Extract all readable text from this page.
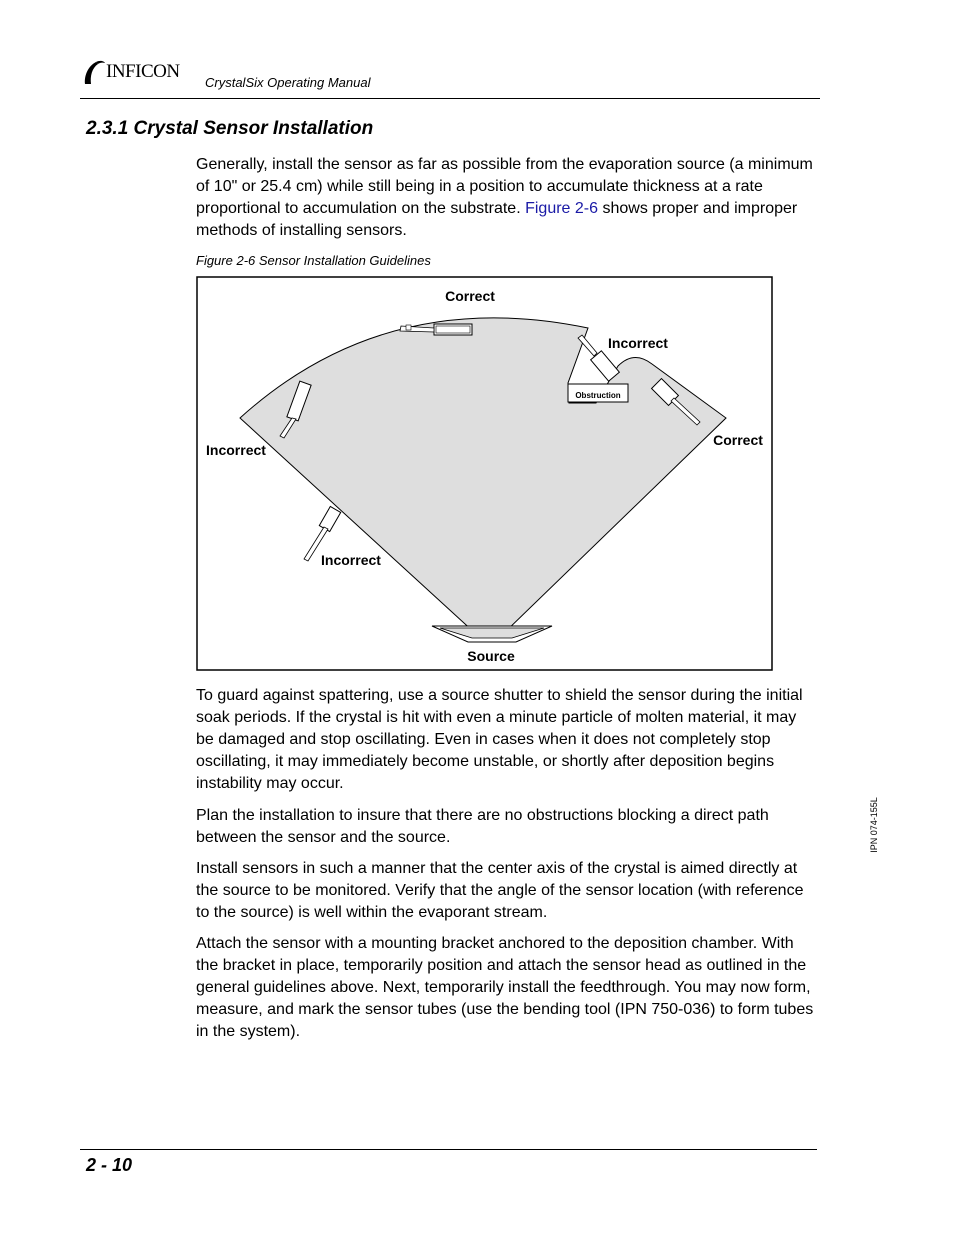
INFICON
CrystalSix Operating Manual
2.3.1 Crystal Sensor Installation
Generally, install the sensor as far as possible from the evaporation source (a minimum of 10" or 25.4 cm) while still being in a position to accumulate thickness at a rate proportional to accumulation on the substrate. Figure 2-6 shows proper and improper methods of installing sensors.
Figure 2-6 Sensor Installation Guidelines
Correct
Incorrect
Obstruction
Correct
Incorrect
Incorrect
Source
To guard against spattering, use a source shutter to shield the sensor during the initial soak periods. If the crystal is hit with even a minute particle of molten material, it may be damaged and stop oscillating. Even in cases when it does not completely stop oscillating, it may immediately become unstable, or shortly after deposition begins instability may occur.
Plan the installation to insure that there are no obstructions blocking a direct path between the sensor and the source.
Install sensors in such a manner that the center axis of the crystal is aimed directly at the source to be monitored. Verify that the angle of the sensor location (with reference to the source) is well within the evaporant stream.
Attach the sensor with a mounting bracket anchored to the deposition chamber. With the bracket in place, temporarily position and attach the sensor head as outlined in the general guidelines above. Next, temporarily install the feedthrough. You may now form, measure, and mark the sensor tubes (use the bending tool (IPN 750-036) to form tubes in the system).
IPN 074-155L
2 - 10
